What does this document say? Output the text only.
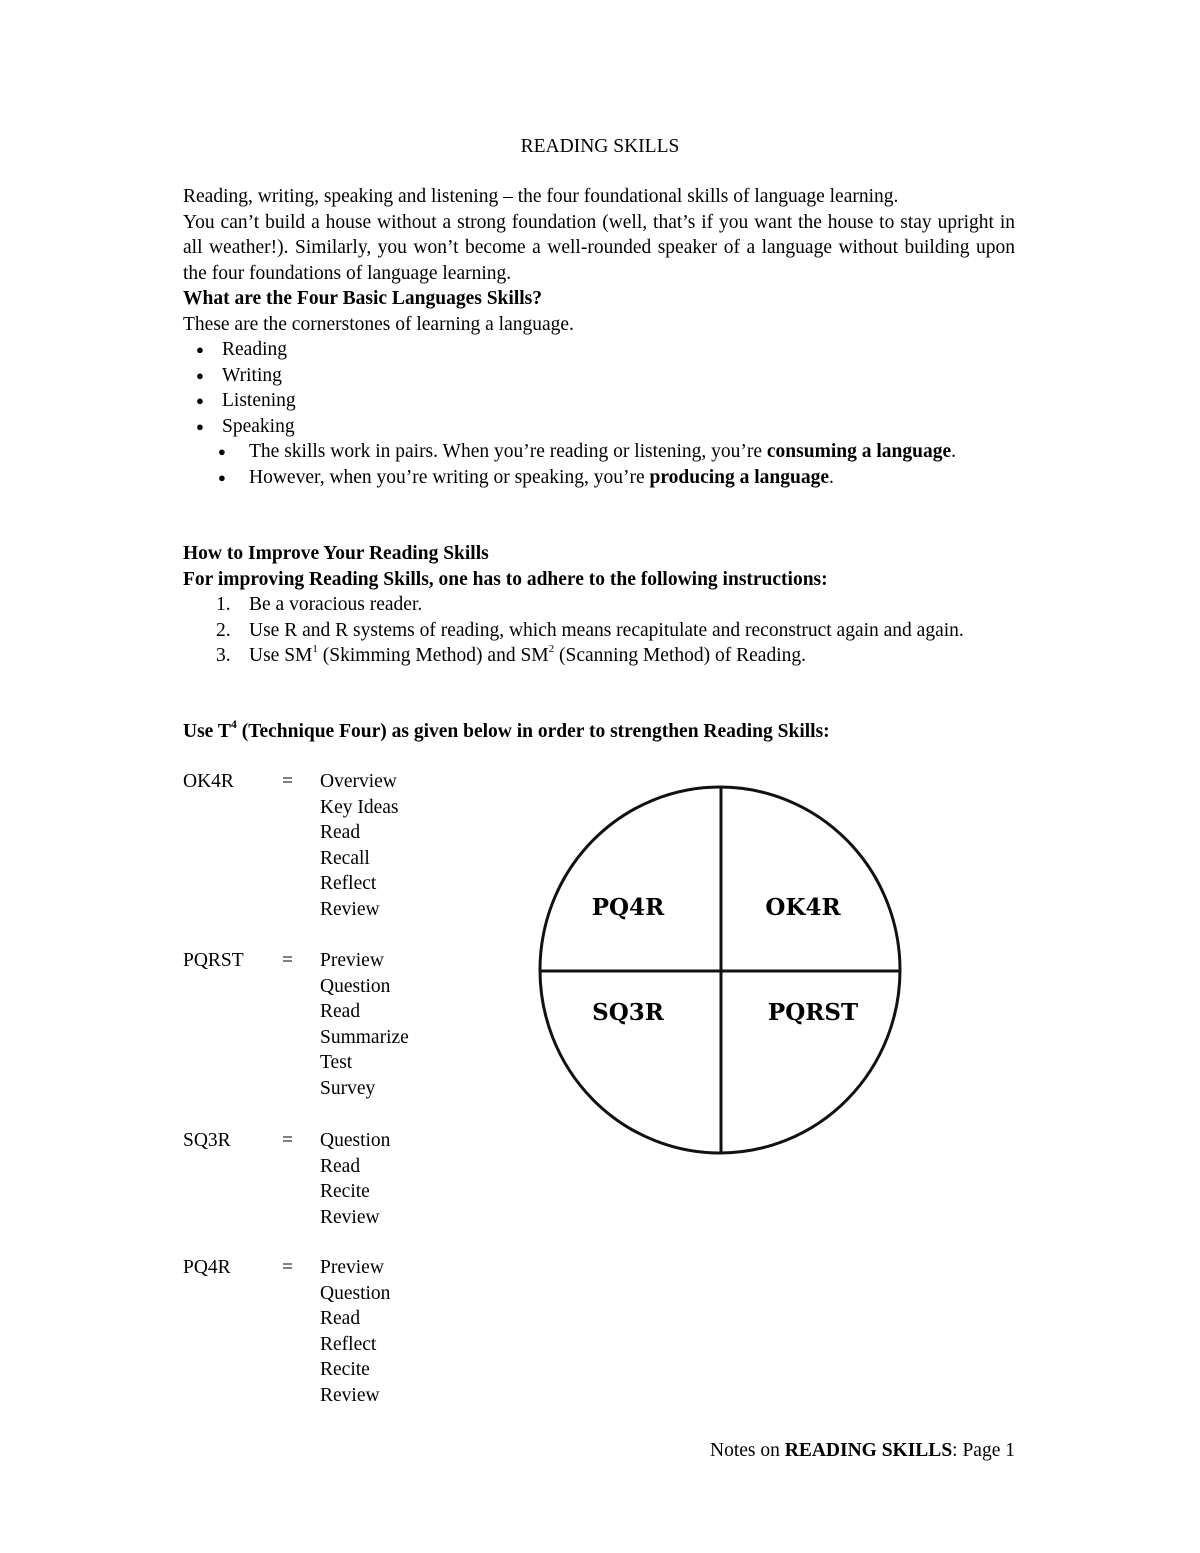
READING SKILLS

Reading, writing, speaking and listening – the four foundational skills of language learning.

You can’t build a house without a strong foundation (well, that’s if you want the house to stay upright in all weather!). Similarly, you won’t become a well-rounded speaker of a language without building upon the four foundations of language learning.

What are the Four Basic Languages Skills?

These are the cornerstones of learning a language.

● Reading
● Writing
● Listening
● Speaking
● The skills work in pairs. When you’re reading or listening, you’re consuming a language.
● However, when you’re writing or speaking, you’re producing a language.

How to Improve Your Reading Skills

For improving Reading Skills, one has to adhere to the following instructions:

1. Be a voracious reader.
2. Use R and R systems of reading, which means recapitulate and reconstruct again and again.
3. Use $SM^1$ (Skimming Method) and $SM^2$ (Scanning Method) of Reading.
Use $T^4$ (Technique Four) as given below in order to strengthen Reading Skills:
OK4R = Overview
Key Ideas
Read
Recall
Reflect
Review
PQRST = Preview
Question
Read
Summarize
Test
Survey
SQ3R	= Question
Read
Recite
Review
PQ4R	= Preview
Question
Read
Reflect
Recite
Review
PQ4R	OK4R
SQ3R	PQRST
Notes on READING SKILLS: Page 1
